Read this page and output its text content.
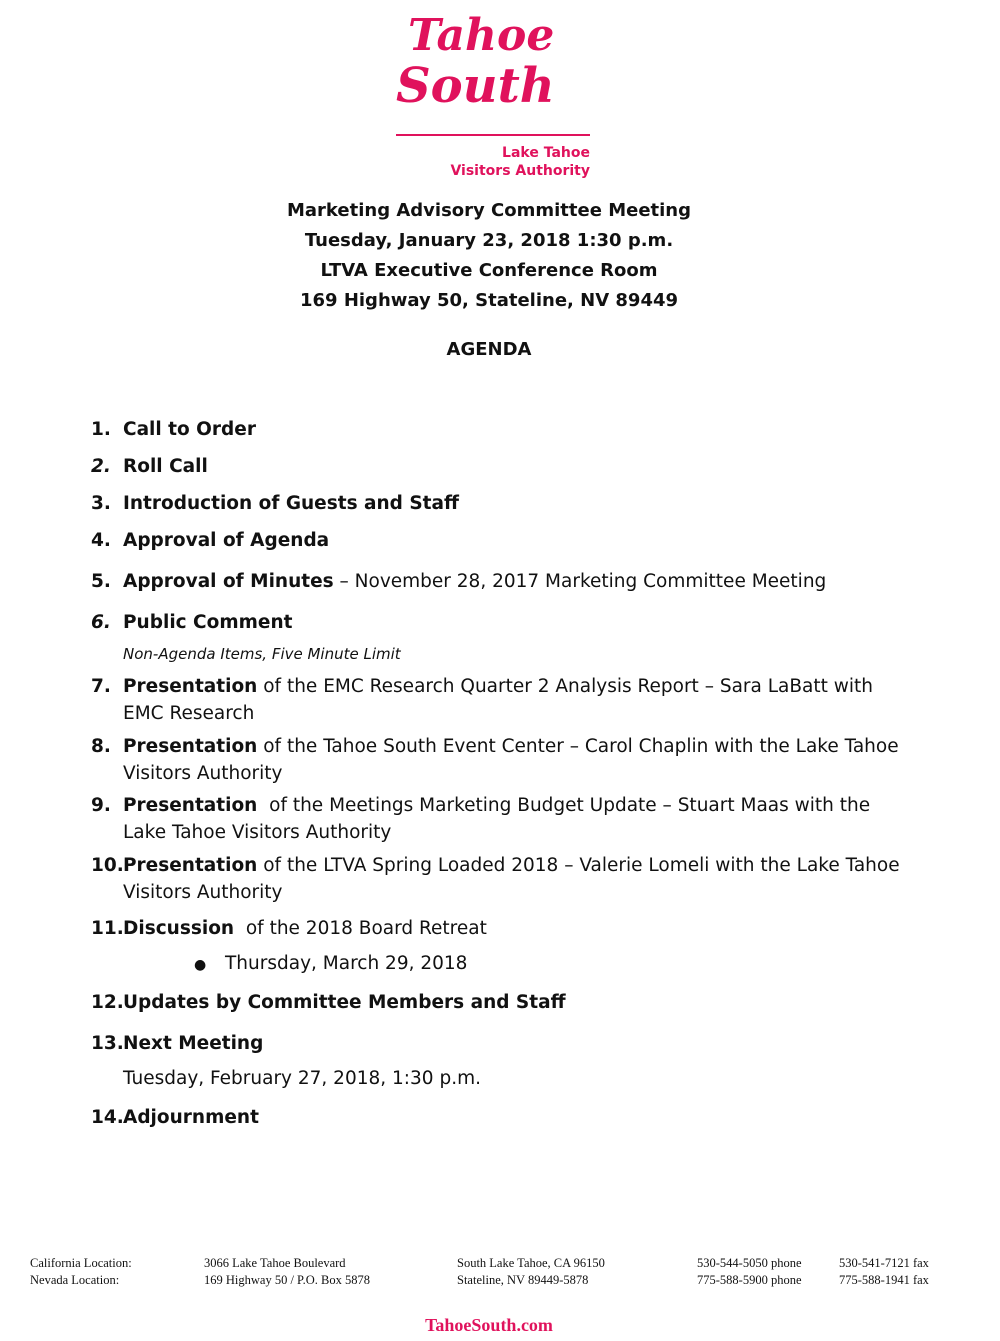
Tahoe
South
Lake Tahoe
Visitors Authority
Marketing Advisory Committee Meeting
Tuesday, January 23, 2018 1:30 p.m.
LTVA Executive Conference Room
169 Highway 50, Stateline, NV 89449
AGENDA
1. Call to Order
2. Roll Call
3. Introduction of Guests and Staff
4. Approval of Agenda
5. Approval of Minutes – November 28, 2017 Marketing Committee Meeting
6. Public Comment
Non-Agenda Items, Five Minute Limit
7. Presentation of the EMC Research Quarter 2 Analysis Report – Sara LaBatt with EMC Research
8. Presentation of the Tahoe South Event Center – Carol Chaplin with the Lake Tahoe Visitors Authority
9. Presentation  of the Meetings Marketing Budget Update – Stuart Maas with the Lake Tahoe Visitors Authority
10. Presentation of the LTVA Spring Loaded 2018 – Valerie Lomeli with the Lake Tahoe Visitors Authority
11. Discussion  of the 2018 Board Retreat
● Thursday, March 29, 2018
12. Updates by Committee Members and Staff
13. Next Meeting
Tuesday, February 27, 2018, 1:30 p.m.
14. Adjournment
California Location:	3066 Lake Tahoe Boulevard	South Lake Tahoe, CA 96150	530-544-5050 phone	530-541-7121 fax
Nevada Location:	169 Highway 50 / P.O. Box 5878	Stateline, NV 89449-5878	775-588-5900 phone	775-588-1941 fax
TahoeSouth.com
